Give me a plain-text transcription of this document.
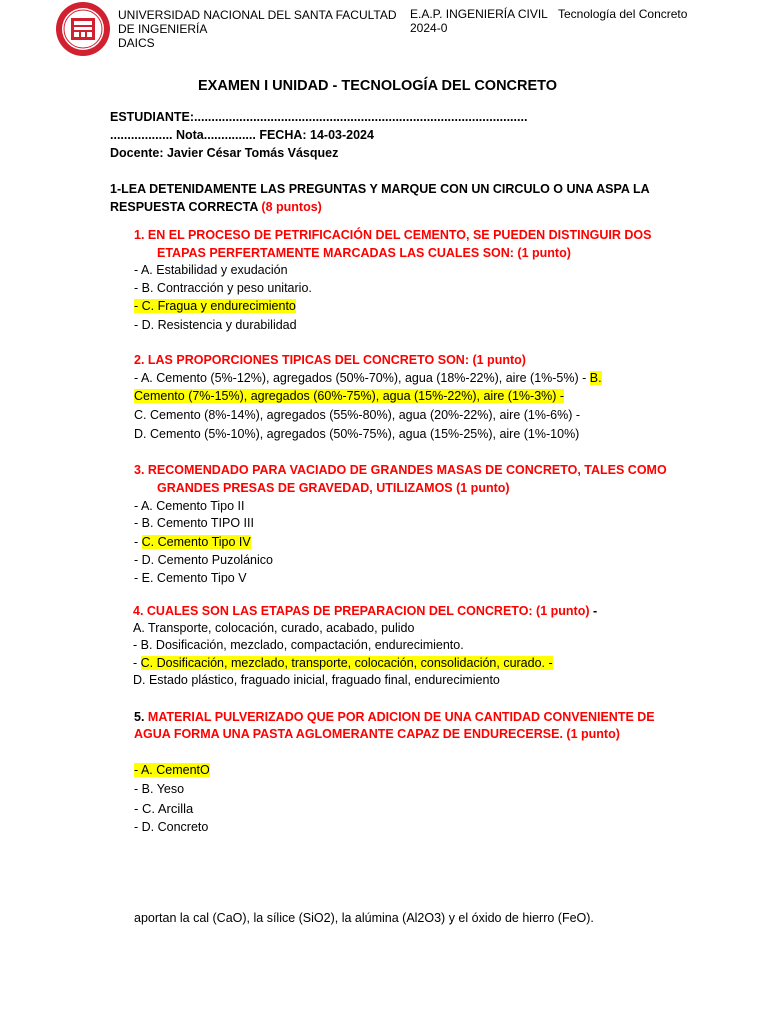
UNIVERSIDAD NACIONAL DEL SANTA FACULTAD
DE INGENIERÍA
DAICS
E.A.P. INGENIERÍA CIVIL Tecnología del Concreto
2024-0
EXAMEN I UNIDAD - TECNOLOGÍA DEL CONCRETO
ESTUDIANTE:................................................................................................
.................. Nota............... FECHA: 14-03-2024
Docente: Javier César Tomás Vásquez
1-LEA DETENIDAMENTE LAS PREGUNTAS Y MARQUE CON UN CIRCULO O UNA ASPA LA
RESPUESTA CORRECTA (8 puntos)
1. EN EL PROCESO DE PETRIFICACIÓN DEL CEMENTO, SE PUEDEN DISTINGUIR DOS
ETAPAS PERFERTAMENTE MARCADAS LAS CUALES SON: (1 punto)
- A. Estabilidad y exudación
- B. Contracción y peso unitario.
- C. Fragua y endurecimiento
- D. Resistencia y durabilidad
2. LAS PROPORCIONES TIPICAS DEL CONCRETO SON: (1 punto)
- A. Cemento (5%-12%), agregados (50%-70%), agua (18%-22%), aire (1%-5%) - B.
Cemento (7%-15%), agregados (60%-75%), agua (15%-22%), aire (1%-3%) -
C. Cemento (8%-14%), agregados (55%-80%), agua (20%-22%), aire (1%-6%) -
D. Cemento (5%-10%), agregados (50%-75%), agua (15%-25%), aire (1%-10%)
3. RECOMENDADO PARA VACIADO DE GRANDES MASAS DE CONCRETO, TALES COMO
GRANDES PRESAS DE GRAVEDAD, UTILIZAMOS (1 punto)
- A. Cemento Tipo II
- B. Cemento TIPO III
- C. Cemento Tipo IV
- D. Cemento Puzolánico
- E. Cemento Tipo V
4. CUALES SON LAS ETAPAS DE PREPARACION DEL CONCRETO: (1 punto) -
A. Transporte, colocación, curado, acabado, pulido
- B. Dosificación, mezclado, compactación, endurecimiento.
- C. Dosificación, mezclado, transporte, colocación, consolidación, curado. -
D. Estado plástico, fraguado inicial, fraguado final, endurecimiento
5. MATERIAL PULVERIZADO QUE POR ADICION DE UNA CANTIDAD CONVENIENTE DE
AGUA FORMA UNA PASTA AGLOMERANTE CAPAZ DE ENDURECERSE. (1 punto)
- A. CementO
- B. Yeso
- C. Arcilla
- D. Concreto
aportan la cal (CaO), la sílice (SiO2), la alúmina (Al2O3) y el óxido de hierro (FeO).
